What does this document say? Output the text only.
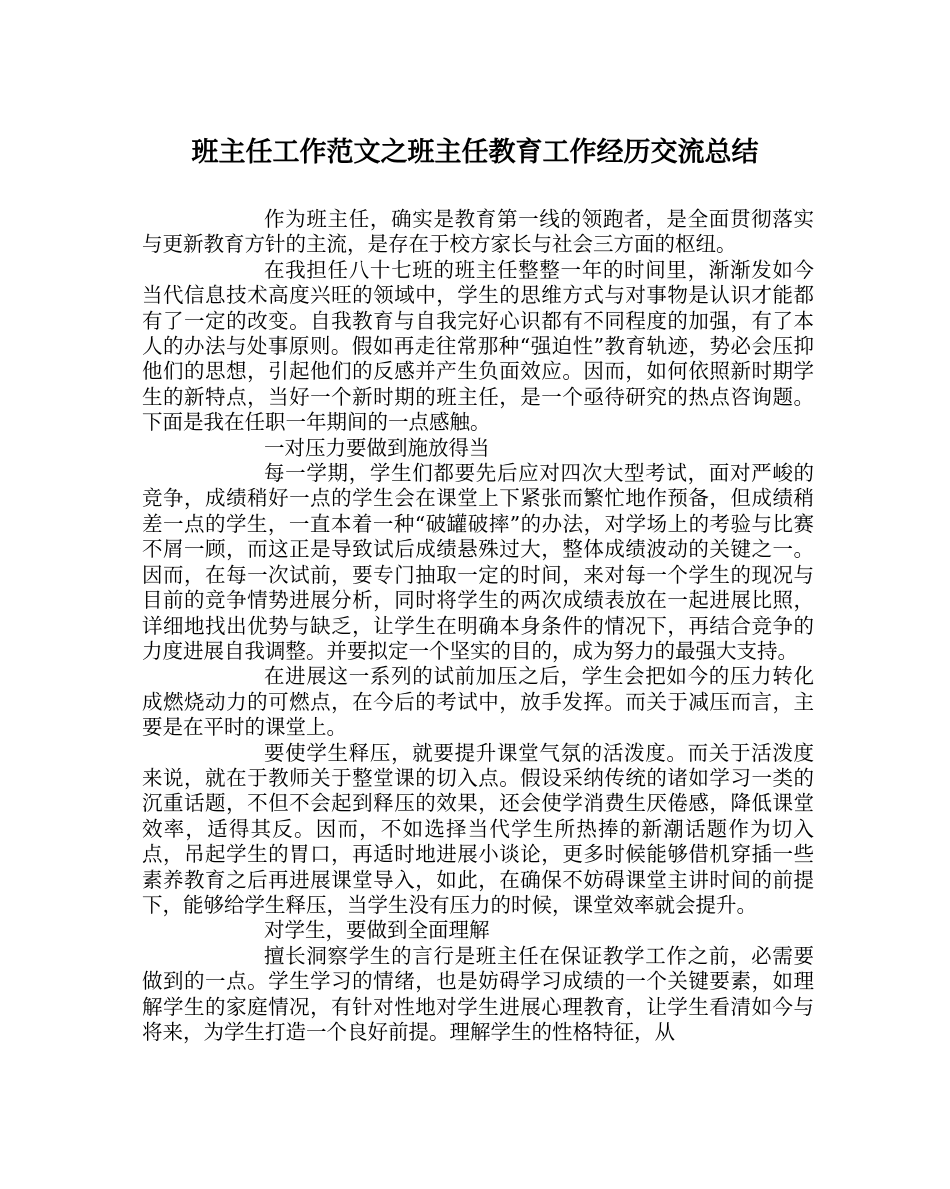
班主任工作范文之班主任教育工作经历交流总结

作为班主任，确实是教育第一线的领跑者，是全面贯彻落实与更新教育方针的主流，是存在于校方家长与社会三方面的枢纽。

在我担任八十七班的班主任整整一年的时间里，渐渐发如今当代信息技术高度兴旺的领域中，学生的思维方式与对事物是认识才能都有了一定的改变。自我教育与自我完好心识都有不同程度的加强，有了本人的办法与处事原则。假如再走往常那种“强迫性”教育轨迹，势必会压抑他们的思想，引起他们的反感并产生负面效应。因而，如何依照新时期学生的新特点，当好一个新时期的班主任，是一个亟待研究的热点咨询题。下面是我在任职一年期间的一点感触。

一对压力要做到施放得当

每一学期，学生们都要先后应对四次大型考试，面对严峻的竞争，成绩稍好一点的学生会在课堂上下紧张而繁忙地作预备，但成绩稍差一点的学生，一直本着一种“破罐破摔”的办法，对学场上的考验与比赛不屑一顾，而这正是导致试后成绩悬殊过大，整体成绩波动的关键之一。因而，在每一次试前，要专门抽取一定的时间，来对每一个学生的现况与目前的竞争情势进展分析，同时将学生的两次成绩表放在一起进展比照，详细地找出优势与缺乏，让学生在明确本身条件的情况下，再结合竞争的力度进展自我调整。并要拟定一个坚实的目的，成为努力的最强大支持。

在进展这一系列的试前加压之后，学生会把如今的压力转化成燃烧动力的可燃点，在今后的考试中，放手发挥。而关于减压而言，主要是在平时的课堂上。

要使学生释压，就要提升课堂气氛的活泼度。而关于活泼度来说，就在于教师关于整堂课的切入点。假设采纳传统的诸如学习一类的沉重话题，不但不会起到释压的效果，还会使学消费生厌倦感，降低课堂效率，适得其反。因而，不如选择当代学生所热捧的新潮话题作为切入点，吊起学生的胃口，再适时地进展小谈论，更多时候能够借机穿插一些素养教育之后再进展课堂导入，如此，在确保不妨碍课堂主讲时间的前提下，能够给学生释压，当学生没有压力的时候，课堂效率就会提升。

对学生，要做到全面理解

擅长洞察学生的言行是班主任在保证教学工作之前，必需要做到的一点。学生学习的情绪，也是妨碍学习成绩的一个关键要素，如理解学生的家庭情况，有针对性地对学生进展心理教育，让学生看清如今与将来，为学生打造一个良好前提。理解学生的性格特征，从
